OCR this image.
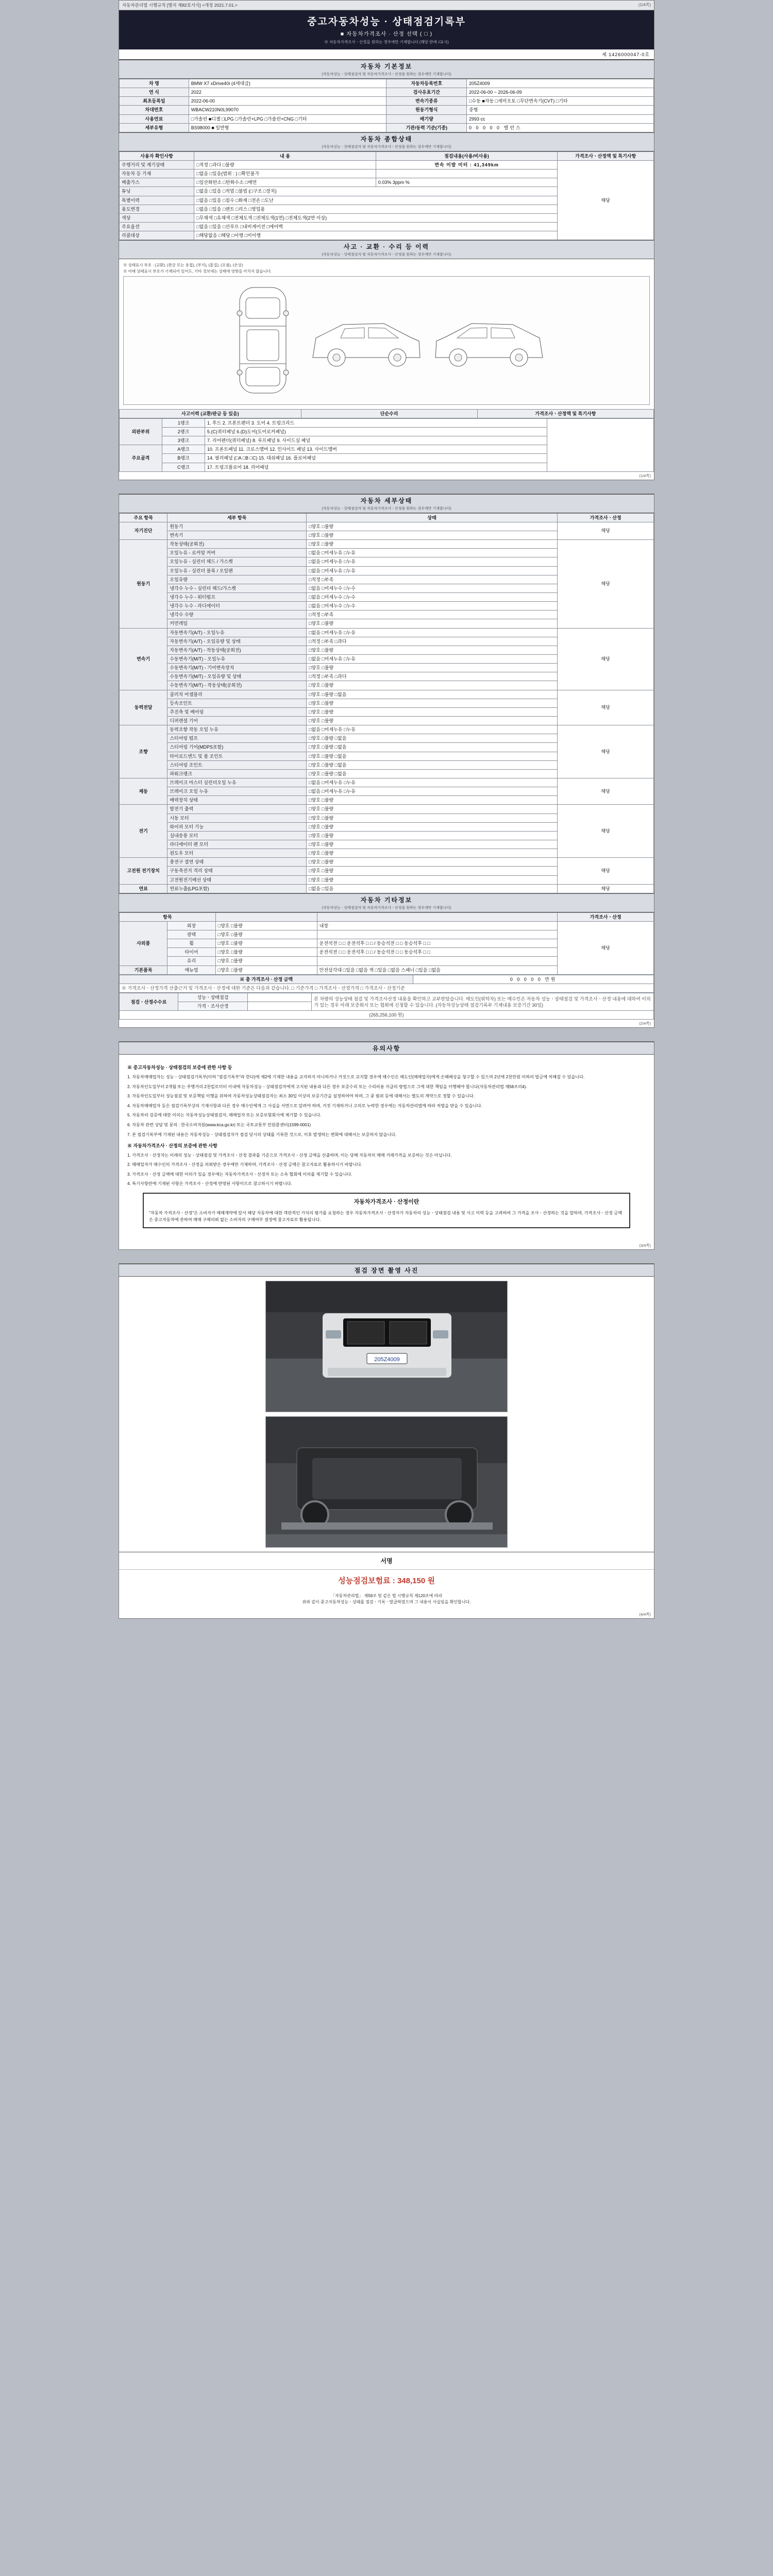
자동차관리법 시행규칙 [별지 제82호서식] <개정 2021.7.01.>	(1/4쪽)
중고자동차성능 · 상태점검기록부
■ 자동차가격조사 · 산정 선택 ( □ )
※ 자동차가격조사ㆍ산정을 원하는 경우에만 기재합니다 (해당 란에 √표시)
제 1426000047-0호
자동차 기본정보
(자동차성능ㆍ상태점검자 및 자동차가격조사ㆍ산정을 원하는 경우에만 기재합니다)
차 명	BMW X7 xDrive40i (4세대급)	자동차등록번호	205Z4009
연 식	2022	검사유효기간	2022-06-00 ~ 2026-06-09
최초등록일	2022-06-00	변속기종류	□수동 ■자동 □세미오토 □무단변속기(CVT) □기타
차대번호	WBACW210N0L99070	원동기형식	중형
사용연료	□가솔린 ■디젤 □LPG □가솔린+LPG □가솔린+CNG □기타	배기량	2993 cc
세부유형	BS98000 ■ 일반형	기관/동력 기준(기종)	0 0 0 0 0 밸런스
자동차 종합상태
(자동차성능ㆍ상태점검자 및 자동차가격조사ㆍ산정을 원하는 경우에만 기재합니다)
사용자 확인사항	내 용	점검내용(사용/비사용)	가격조사ㆍ산정액 및 특기사항
주행거리 및 계기상태	□적정 □과다 □불량	변속 미발 미터 : 41,349km	해당
자동차 등 기재	□없음 □있음(범위 : ) □확인불가		
배출가스	□일산화탄소 □탄화수소 □매연	0.03% 3ppm %	
튜닝	□없음 □있음 □적법 □불법 (□구조 □장치)		
특별이력	□없음 □있음 □침수 □화재 □전손 □도난		
용도변경	□없음 □있음 □렌트 □리스 □영업용		
색상	□무채색 □유채색 □전체도색 □전체도색(1면) □전체도색(2면 이상)		
주요옵션	□없음 □있음 □선루프 □내비게이션 □에어백		
리콜대상	□해당없음 □해당 □이행 □미이행		
사고 · 교환 · 수리 등 이력
(자동차성능ㆍ상태점검자 및 자동차가격조사ㆍ산정을 원하는 경우에만 기재합니다)
※ 상태표시 부호 : (교환), (판금 또는 용접), (부식), (흠집), (요철), (손상)
※ 아래 상태표시 부호가 기재되어 있어도, 기타 정보에는 상태에 영향을 미치지 않습니다.
사고이력 (교환/판금 등 있음)	단순수리	가격조사ㆍ산정액 및 특기사항
외판부위	1랭크	1. 후드 2. 프론트펜더 3. 도어 4. 트렁크리드	
	2랭크	5.(C)쿼터패널 6.(D)도어(도어로커패널)	
	3랭크	7. 리어펜더(쿼터패널) 8. 루프패널 9. 사이드실 패널	
주요골격	A랭크	10. 프론트패널 11. 크로스멤버 12. 인사이드 패널 13. 사이드멤버	
	B랭크	14. 필러패널 (□A □B □C) 15. 대쉬패널 16. 플로어패널	
	C랭크	17. 트렁크플로어 18. 리어패널	
(1/4쪽)
자동차 세부상태
(자동차성능ㆍ상태점검자 및 자동차가격조사ㆍ산정을 원하는 경우에만 기재합니다)
주요 항목	세부 항목	상태	가격조사ㆍ산정
자기진단	원동기	□양호 □불량	해당
	변속기	□양호 □불량	
원동기	작동상태(공회전)	□양호 □불량	해당
	오일누유 - 로커암 커버	□없음 □미세누유 □누유	
	오일누유 - 실린더 헤드 / 가스켓	□없음 □미세누유 □누유	
	오일누유 - 실린더 블록 / 오일팬	□없음 □미세누유 □누유	
	오일유량	□적정 □부족	
	냉각수 누수 - 실린더 헤드/가스켓	□없음 □미세누수 □누수	
	냉각수 누수 - 워터펌프	□없음 □미세누수 □누수	
	냉각수 누수 - 라디에이터	□없음 □미세누수 □누수	
	냉각수 수량	□적정 □부족	
	커먼레일	□양호 □불량	
변속기	자동변속기(A/T) - 오일누유	□없음 □미세누유 □누유	해당
	자동변속기(A/T) - 오일유량 및 상태	□적정 □부족 □과다	
	자동변속기(A/T) - 작동상태(공회전)	□양호 □불량	
	수동변속기(M/T) - 오일누유	□없음 □미세누유 □누유	
	수동변속기(M/T) - 기어변속장치	□양호 □불량	
	수동변속기(M/T) - 오일유량 및 상태	□적정 □부족 □과다	
	수동변속기(M/T) - 작동상태(공회전)	□양호 □불량	
동력전달	클러치 어셈블리	□양호 □불량 □없음	해당
	등속조인트	□양호 □불량	
	추진축 및 베어링	□양호 □불량	
	디퍼렌셜 기어	□양호 □불량	
조향	동력조향 작동 오일 누유	□없음 □미세누유 □누유	해당
	스티어링 펌프	□양호 □불량 □없음	
	스티어링 기어(MDPS포함)	□양호 □불량 □없음	
	타이로드엔드 및 볼 조인트	□양호 □불량 □없음	
	스티어링 조인트	□양호 □불량 □없음	
	파워크랭크	□양호 □불량 □없음	
제동	브레이크 마스터 실린더오일 누유	□없음 □미세누유 □누유	해당
	브레이크 오일 누유	□없음 □미세누유 □누유	
	배력장치 상태	□양호 □불량	
전기	발전기 출력	□양호 □불량	해당
	시동 모터	□양호 □불량	
	와이퍼 모터 기능	□양호 □불량	
	실내송풍 모터	□양호 □불량	
	라디에이터 팬 모터	□양호 □불량	
	윈도우 모터	□양호 □불량	
고전원 전기장치	충전구 절연 상태	□양호 □불량	해당
	구동축전지 격리 상태	□양호 □불량	
	고전원전기배선 상태	□양호 □불량	
연료	연료누출(LPG포함)	□없음 □있음	해당
자동차 기타정보
(자동차성능ㆍ상태점검자 및 자동차가격조사ㆍ산정을 원하는 경우에만 기재합니다)
항목				가격조사ㆍ산정
사외품	외장	□양호 □불량	내장	해당
	광택	□양호 □불량		
	휠	□양호 □불량	운전석전 □ □ 운전석후 □ □ / 동승석전 □ □ 동승석후 □ □	
	타이어	□양호 □불량	운전석전 □ □ 운전석후 □ □ / 동승석전 □ □ 동승석후 □ □	
	유리	□양호 □불량		
기본품목	매뉴얼	□양호 □불량	안전삼각대 □있음 □없음 잭 □있음 □없음 스패너 □있음 □없음	
※ 총 가격조사 · 산정 금액	0 0 0 0 0 만원
※ 가격조사ㆍ산정가격 산출근거 및 가격조사ㆍ산정에 대한 기준은 다음과 같습니다. □ 기준가격 □ 가격조사ㆍ산정가격 □ 가격조사ㆍ산정기준
점검ㆍ산정수수료	성능ㆍ상태점검		본 차량의 성능상태 점검 및 가격조사산정 내용을 확인하고 교부받았습니다. 매도인(위탁자) 또는 매수인은 자동차 성능ㆍ상태점검 및 가격조사ㆍ산정 내용에 대하여 이의가 있는 경우 아래 보증회사 또는 협회에 신청할 수 있습니다. (자동차성능상태 점검기록부 기재내용 보증기간 30일)
	가격ㆍ조사산정		
(265,256,100 원)			
(2/4쪽)
유의사항
※ 중고자동차성능 · 상태점검의 보증에 관한 사항 등

1. 자동차매매업자는 성능ㆍ상태점검기록부(이하 "점검기록부"라 한다)에 제2에 기재한 내용을 교지하지 아니하거나 거짓으로 교지할 경우에 매수인은 매도인(매매업자)에게 손해배상을 청구할 수 있으며 2년에 2천만원 이하의 벌금에 처해질 수 있습니다.

2. 자동차인도일부터 2개월 또는 주행거리 2천킬로미터 이내에 자동차성능ㆍ상태점검자에게 고지된 내용과 다른 경우 보증수리 또는 수리비용 지급의 방법으로 그에 대한 책임을 이행해야 합니다(자동차관리법 제58조의4).

3. 자동차인도일부터 성능점검 및 보증책임 이행을 위하여 자동차성능상태점검자는 최소 30일 이상의 보증기간을 설정하여야 하며, 그 중 범위 등에 대해서는 별도의 계약으로 정할 수 있습니다.

4. 자동차매매업자 등은 점검기록부상의 기재사항과 다른 경우 매수인에게 그 사실을 서면으로 알려야 하며, 거짓 기재하거나 고의로 누락한 경우에는 자동차관리법에 따라 처벌을 받을 수 있습니다.

5. 자동차의 검증에 대한 이의는 자동차성능상태점검자, 매매업자 또는 보증보험회사에 제기할 수 있습니다.

6. 자동차 관련 상담 및 문의 : 한국소비자원(www.kca.go.kr) 또는 국토교통부 민원콜센터(1599-0001)

7. 본 점검기록부에 기재된 내용은 자동차성능ㆍ상태점검자가 점검 당시의 상태를 기록한 것으로, 이후 발생하는 변화에 대해서는 보증하지 않습니다.

※ 자동차가격조사 · 산정의 보증에 관한 사항

1. 가격조사ㆍ산정자는 이래의 성능ㆍ상태점검 및 가격조사ㆍ산정 결과를 기준으로 가격조사ㆍ산정 금액을 산출하며, 이는 당해 자동차의 매매 거래가격을 보증하는 것은 아닙니다.

2. 매매업자가 매수인의 가격조사ㆍ산정을 의뢰받은 경우에만 기재하며, 가격조사ㆍ산정 금액은 참고자료로 활용하시기 바랍니다.

3. 가격조사ㆍ산정 금액에 대한 이의가 있을 경우에는 자동차가격조사ㆍ산정자 또는 소속 협회에 이의를 제기할 수 있습니다.

4. 특기사항란에 기재된 사항은 가격조사ㆍ산정에 반영된 사항이므로 참고하시기 바랍니다.

자동차가격조사 · 산정이란
"자동차 가격조사ㆍ산정"은 소비자가 매매계약에 앞서 해당 자동차에 대한 객관적인 가치의 평가를 요청하는 경우 자동차가격조사ㆍ산정자가 자동차의 성능ㆍ상태점검 내용 및 사고 이력 등을 고려하여 그 가격을 조사ㆍ산정하는 것을 말하며, 가격조사ㆍ산정 금액은 중고자동차에 관하여 매매 구매의뢰 없는 소비자의 구매여부 결정에 참고자료로 활용됩니다.
(3/4쪽)
점검 장면 촬영 사진
205Z4009
서명
성능점검보험료 : 348,150 원
「자동차관리법」 제58조 및 같은 법 시행규칙 제120조에 따라
위와 같이 중고자동차성능ㆍ상태를 점검ㆍ기록ㆍ발급하였으며 그 내용이 사실임을 확인합니다.
(4/4쪽)
